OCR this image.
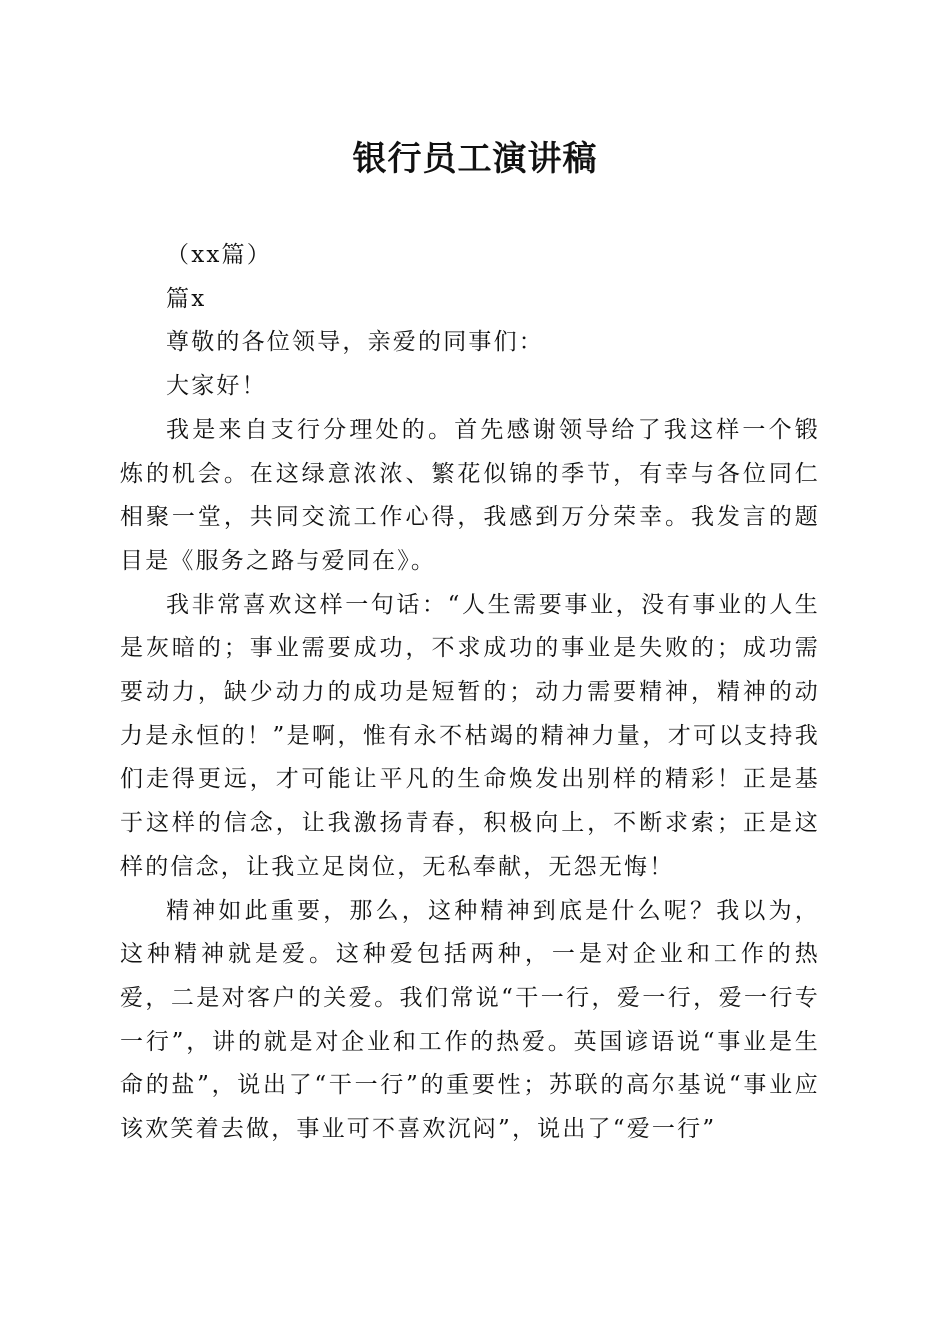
银行员工演讲稿

（xx篇）

篇x

尊敬的各位领导，亲爱的同事们：

大家好！

我是来自支行分理处的。首先感谢领导给了我这样一个锻炼的机会。在这绿意浓浓、繁花似锦的季节，有幸与各位同仁相聚一堂，共同交流工作心得，我感到万分荣幸。我发言的题目是《服务之路与爱同在》。

我非常喜欢这样一句话：“人生需要事业，没有事业的人生是灰暗的；事业需要成功，不求成功的事业是失败的；成功需要动力，缺少动力的成功是短暂的；动力需要精神，精神的动力是永恒的！”是啊，惟有永不枯竭的精神力量，才可以支持我们走得更远，才可能让平凡的生命焕发出别样的精彩！正是基于这样的信念，让我激扬青春，积极向上，不断求索；正是这样的信念，让我立足岗位，无私奉献，无怨无悔！

精神如此重要，那么，这种精神到底是什么呢？我以为，这种精神就是爱。这种爱包括两种，一是对企业和工作的热爱，二是对客户的关爱。我们常说“干一行，爱一行，爱一行专一行”，讲的就是对企业和工作的热爱。英国谚语说“事业是生命的盐”，说出了“干一行”的重要性；苏联的高尔基说“事业应该欢笑着去做，事业可不喜欢沉闷”，说出了“爱一行”
